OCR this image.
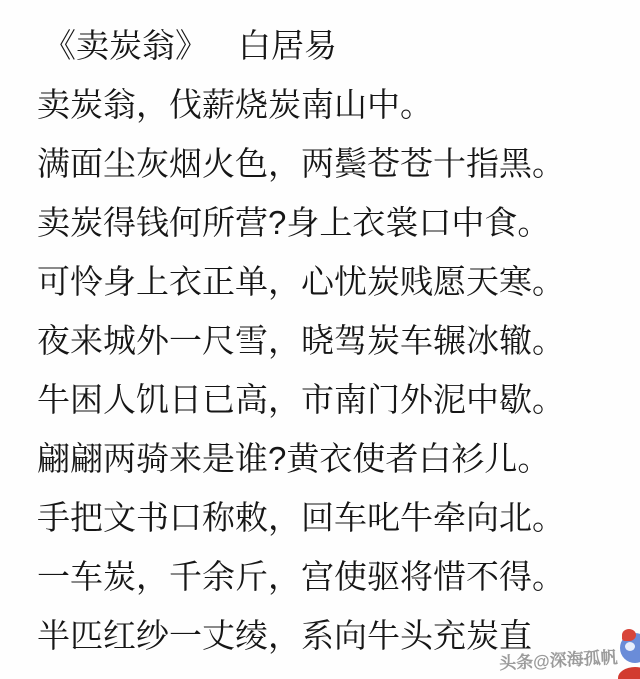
《卖炭翁》 白居易
卖炭翁，伐薪烧炭南山中。
满面尘灰烟火色，两鬓苍苍十指黑。
卖炭得钱何所营?身上衣裳口中食。
可怜身上衣正单，心忧炭贱愿天寒。
夜来城外一尺雪，晓驾炭车辗冰辙。
牛困人饥日已高，市南门外泥中歇。
翩翩两骑来是谁?黄衣使者白衫儿。
手把文书口称敕，回车叱牛牵向北。
一车炭，千余斤，宫使驱将惜不得。
半匹红纱一丈绫，系向牛头充炭直
头条@深海孤帆
